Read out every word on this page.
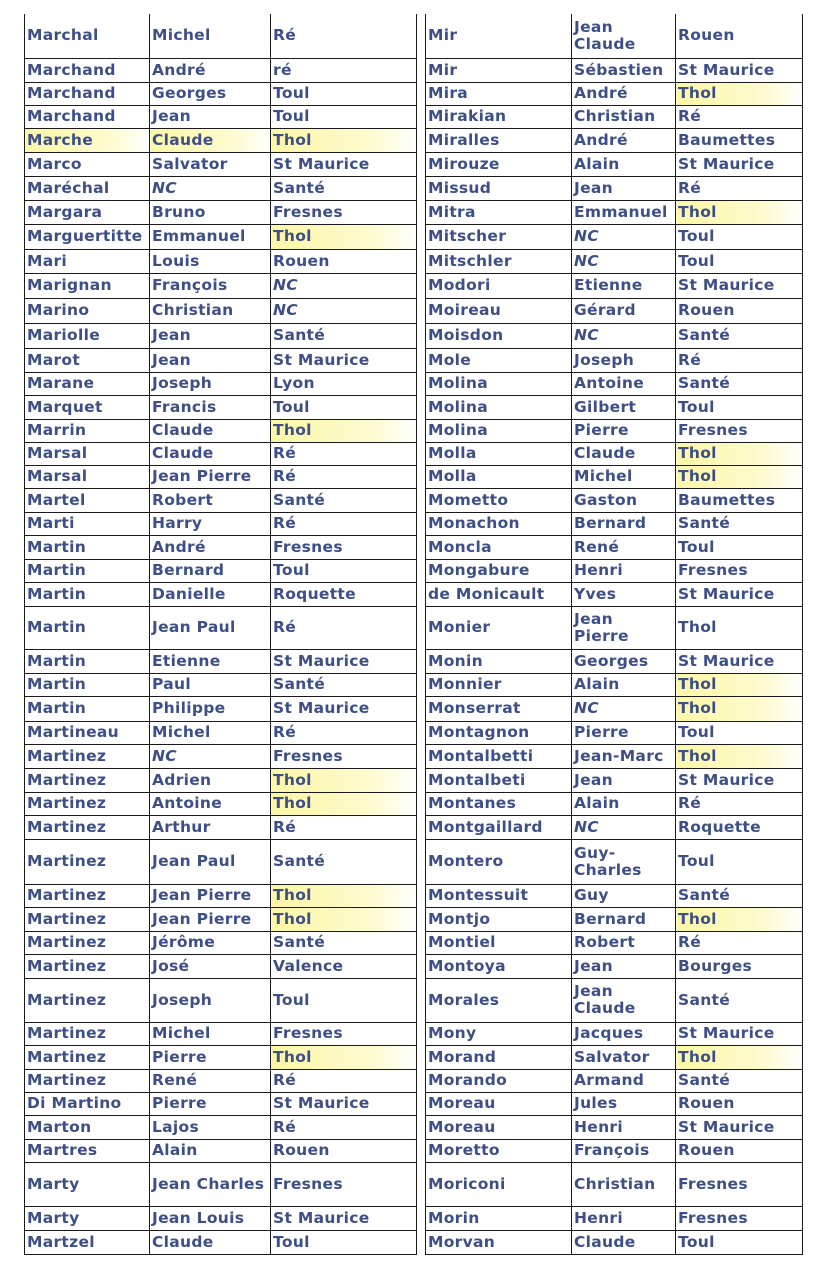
Marchal	Michel	Ré
Marchand	André	ré
Marchand	Georges	Toul
Marchand	Jean	Toul
Marche	Claude	Thol
Marco	Salvator	St Maurice
Maréchal	NC	Santé
Margara	Bruno	Fresnes
Marguertitte	Emmanuel	Thol
Mari	Louis	Rouen
Marignan	François	NC
Marino	Christian	NC
Mariolle	Jean	Santé
Marot	Jean	St Maurice
Marane	Joseph	Lyon
Marquet	Francis	Toul
Marrin	Claude	Thol
Marsal	Claude	Ré
Marsal	Jean Pierre	Ré
Martel	Robert	Santé
Marti	Harry	Ré
Martin	André	Fresnes
Martin	Bernard	Toul
Martin	Danielle	Roquette
Martin	Jean Paul	Ré
Martin	Etienne	St Maurice
Martin	Paul	Santé
Martin	Philippe	St Maurice
Martineau	Michel	Ré
Martinez	NC	Fresnes
Martinez	Adrien	Thol
Martinez	Antoine	Thol
Martinez	Arthur	Ré
Martinez	Jean Paul	Santé
Martinez	Jean Pierre	Thol
Martinez	Jean Pierre	Thol
Martinez	Jérôme	Santé
Martinez	José	Valence
Martinez	Joseph	Toul
Martinez	Michel	Fresnes
Martinez	Pierre	Thol
Martinez	René	Ré
Di Martino	Pierre	St Maurice
Marton	Lajos	Ré
Martres	Alain	Rouen
Marty	Jean Charles	Fresnes
Marty	Jean Louis	St Maurice
Martzel	Claude	Toul
Mir	Jean Claude	Rouen
Mir	Sébastien	St Maurice
Mira	André	Thol
Mirakian	Christian	Ré
Miralles	André	Baumettes
Mirouze	Alain	St Maurice
Missud	Jean	Ré
Mitra	Emmanuel	Thol
Mitscher	NC	Toul
Mitschler	NC	Toul
Modori	Etienne	St Maurice
Moireau	Gérard	Rouen
Moisdon	NC	Santé
Mole	Joseph	Ré
Molina	Antoine	Santé
Molina	Gilbert	Toul
Molina	Pierre	Fresnes
Molla	Claude	Thol
Molla	Michel	Thol
Mometto	Gaston	Baumettes
Monachon	Bernard	Santé
Moncla	René	Toul
Mongabure	Henri	Fresnes
de Monicault	Yves	St Maurice
Monier	Jean Pierre	Thol
Monin	Georges	St Maurice
Monnier	Alain	Thol
Monserrat	NC	Thol
Montagnon	Pierre	Toul
Montalbetti	Jean-Marc	Thol
Montalbeti	Jean	St Maurice
Montanes	Alain	Ré
Montgaillard	NC	Roquette
Montero	Guy-Charles	Toul
Montessuit	Guy	Santé
Montjo	Bernard	Thol
Montiel	Robert	Ré
Montoya	Jean	Bourges
Morales	Jean Claude	Santé
Mony	Jacques	St Maurice
Morand	Salvator	Thol
Morando	Armand	Santé
Moreau	Jules	Rouen
Moreau	Henri	St Maurice
Moretto	François	Rouen
Moriconi	Christian	Fresnes
Morin	Henri	Fresnes
Morvan	Claude	Toul
